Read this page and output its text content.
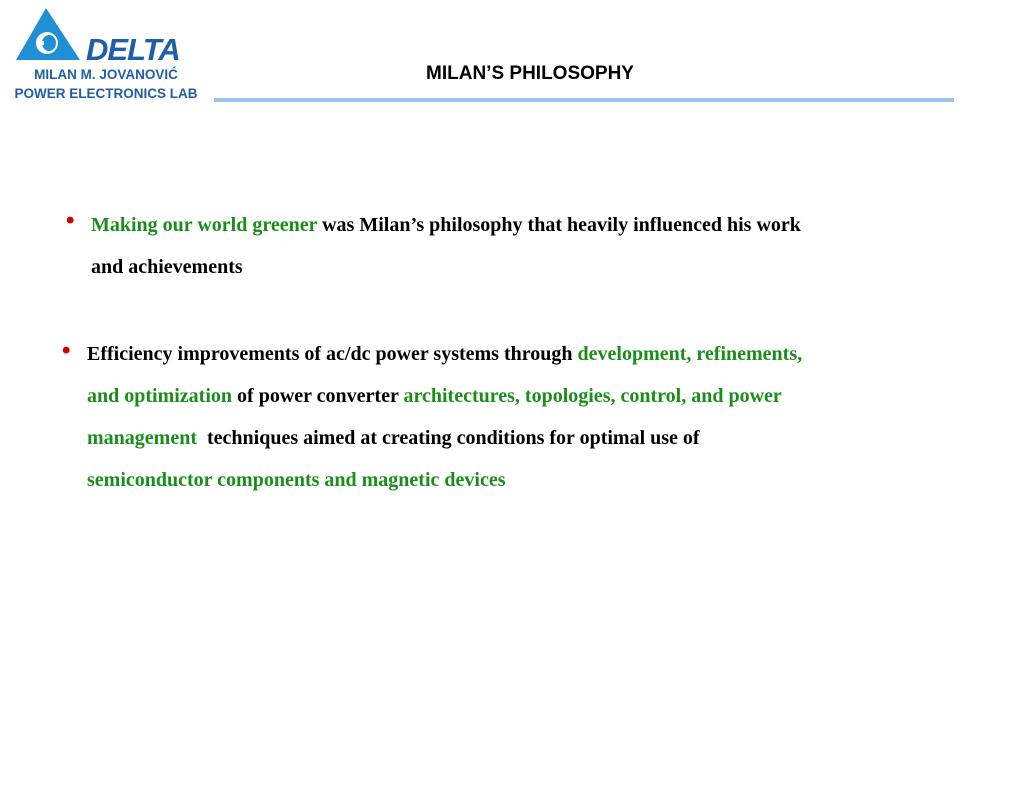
DELTA
MILAN M. JOVANOVIĆ
POWER ELECTRONICS LAB
MILAN’S PHILOSOPHY
• Making our world greener was Milan’s philosophy that heavily influenced his work
and achievements

• Efficiency improvements of ac/dc power systems through development, refinements,
and optimization of power converter architectures, topologies, control, and power
management  techniques aimed at creating conditions for optimal use of
semiconductor components and magnetic devices
